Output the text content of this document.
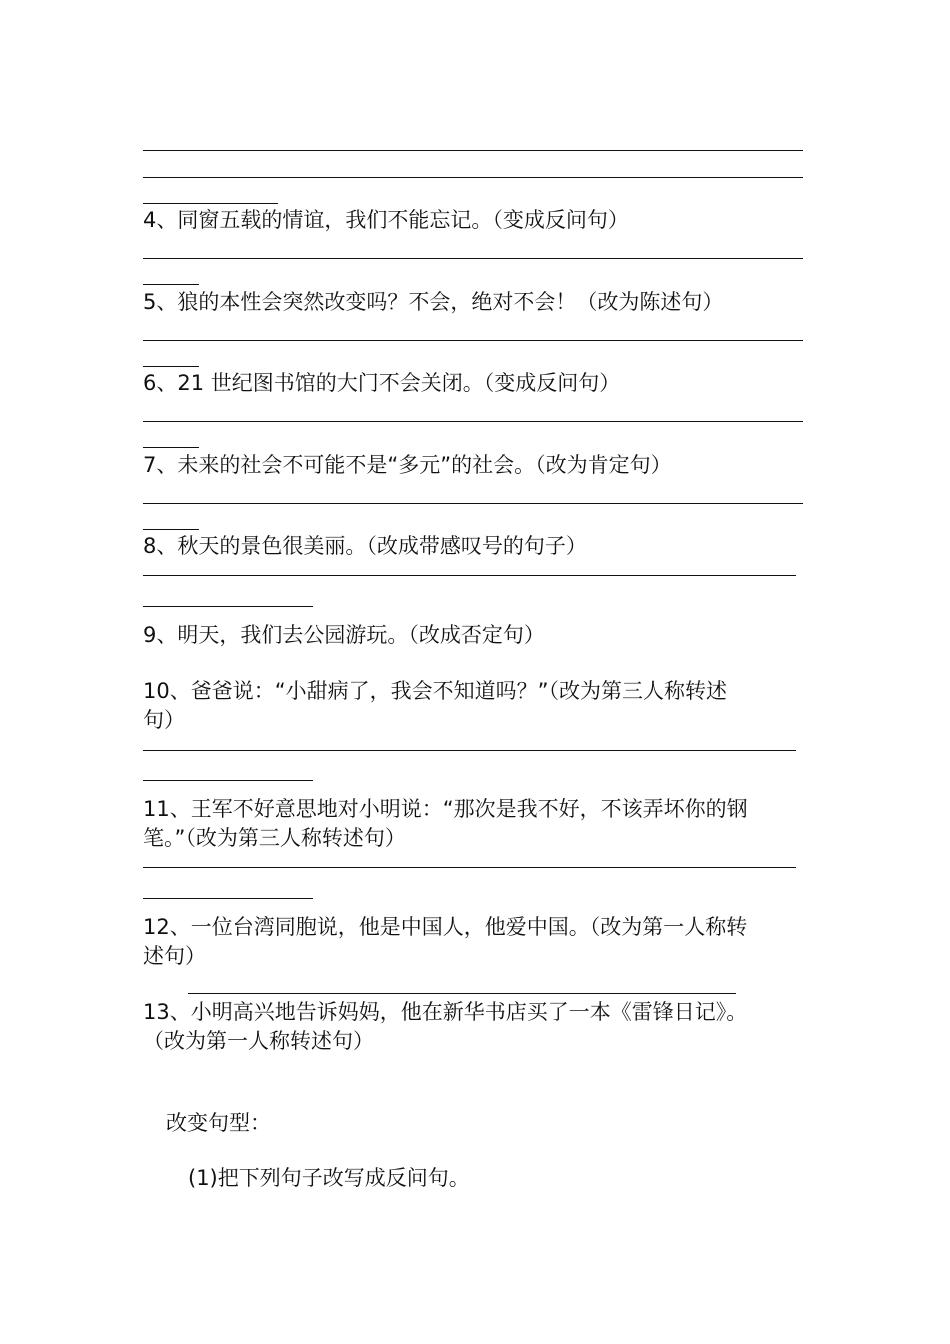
4、同窗五载的情谊，我们不能忘记。（变成反问句）
5、狼的本性会突然改变吗？不会，绝对不会！（改为陈述句）
6、21 世纪图书馆的大门不会关闭。（变成反问句）
7、未来的社会不可能不是“多元”的社会。（改为肯定句）
8、秋天的景色很美丽。（改成带感叹号的句子）
9、明天，我们去公园游玩。（改成否定句）
10、爸爸说：“小甜病了，我会不知道吗？”（改为第三人称转述
句）
11、王军不好意思地对小明说：“那次是我不好，不该弄坏你的钢
笔。”（改为第三人称转述句）
12、一位台湾同胞说，他是中国人，他爱中国。（改为第一人称转
述句）
13、小明高兴地告诉妈妈，他在新华书店买了一本《雷锋日记》。
（改为第一人称转述句）
改变句型：
(1)把下列句子改写成反问句。
